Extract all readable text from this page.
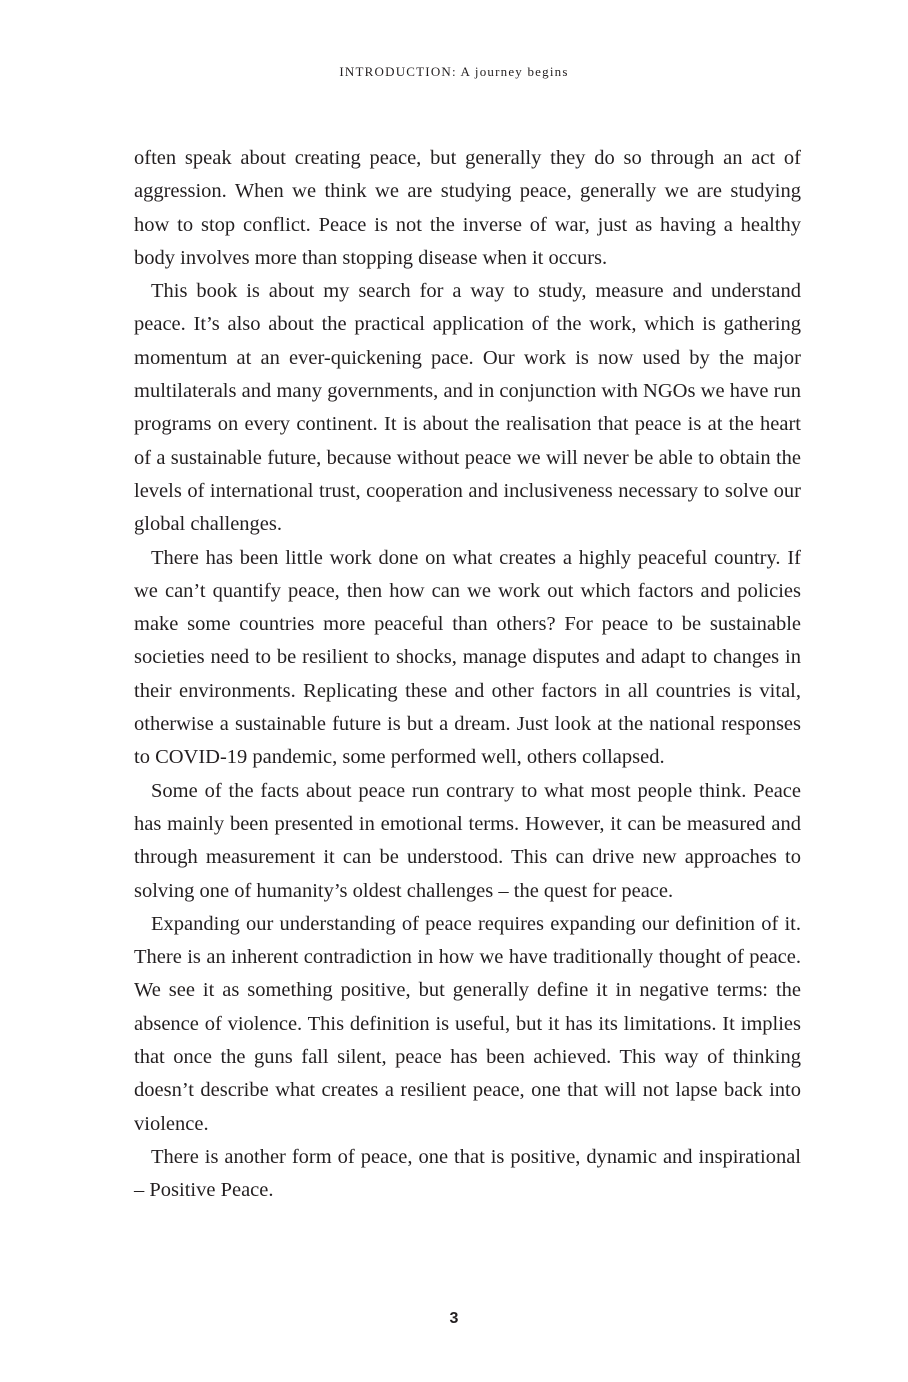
INTRODUCTION: A journey begins

often speak about creating peace, but generally they do so through an act of aggression. When we think we are studying peace, generally we are studying how to stop conflict. Peace is not the inverse of war, just as having a healthy body involves more than stopping disease when it occurs.

This book is about my search for a way to study, measure and understand peace. It’s also about the practical application of the work, which is gathering momentum at an ever-quickening pace. Our work is now used by the major multilaterals and many governments, and in conjunction with NGOs we have run programs on every continent. It is about the realisation that peace is at the heart of a sustainable future, because without peace we will never be able to obtain the levels of international trust, cooperation and inclusiveness necessary to solve our global challenges.

There has been little work done on what creates a highly peaceful country. If we can’t quantify peace, then how can we work out which factors and policies make some countries more peaceful than others? For peace to be sustainable societies need to be resilient to shocks, manage disputes and adapt to changes in their environments. Replicating these and other factors in all countries is vital, otherwise a sustainable future is but a dream. Just look at the national responses to COVID-19 pandemic, some performed well, others collapsed.

Some of the facts about peace run contrary to what most people think. Peace has mainly been presented in emotional terms. However, it can be measured and through measurement it can be understood. This can drive new approaches to solving one of humanity’s oldest challenges – the quest for peace.

Expanding our understanding of peace requires expanding our definition of it. There is an inherent contradiction in how we have traditionally thought of peace. We see it as something positive, but generally define it in negative terms: the absence of violence. This definition is useful, but it has its limitations. It implies that once the guns fall silent, peace has been achieved. This way of thinking doesn’t describe what creates a resilient peace, one that will not lapse back into violence.

There is another form of peace, one that is positive, dynamic and inspirational – Positive Peace.

3
